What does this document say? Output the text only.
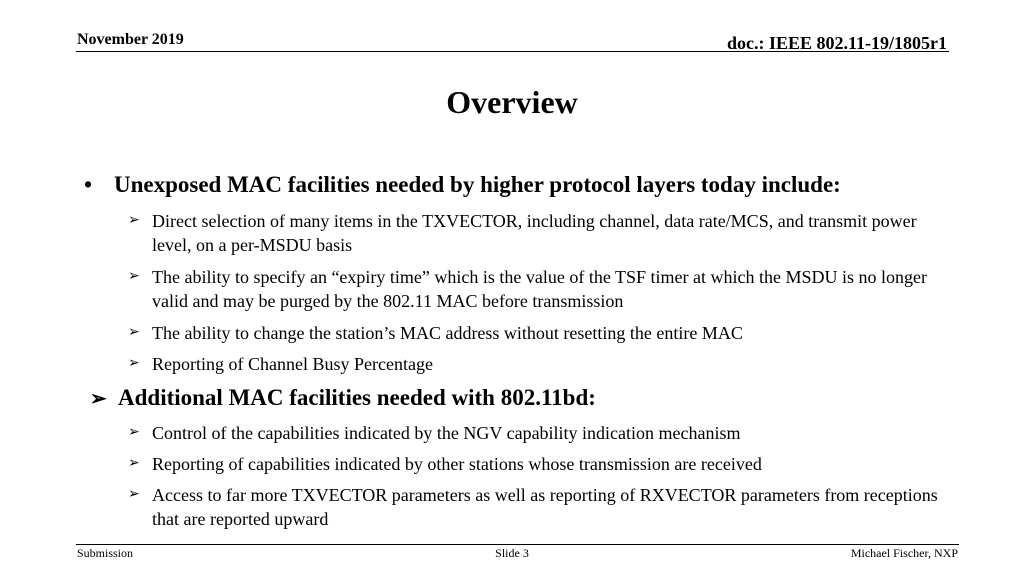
November 2019	doc.: IEEE 802.11-19/1805r1
Overview
• Unexposed MAC facilities needed by higher protocol layers today include:
➢ Direct selection of many items in the TXVECTOR, including channel, data rate/MCS, and transmit power level, on a per-MSDU basis
➢ The ability to specify an “expiry time” which is the value of the TSF timer at which the MSDU is no longer valid and may be purged by the 802.11 MAC before transmission
➢ The ability to change the station’s MAC address without resetting the entire MAC
➢ Reporting of Channel Busy Percentage
➢ Additional MAC facilities needed with 802.11bd:
➢ Control of the capabilities indicated by the NGV capability indication mechanism
➢ Reporting of capabilities indicated by other stations whose transmission are received
➢ Access to far more TXVECTOR parameters as well as reporting of RXVECTOR parameters from receptions that are reported upward
Submission	Slide 3	Michael Fischer, NXP
